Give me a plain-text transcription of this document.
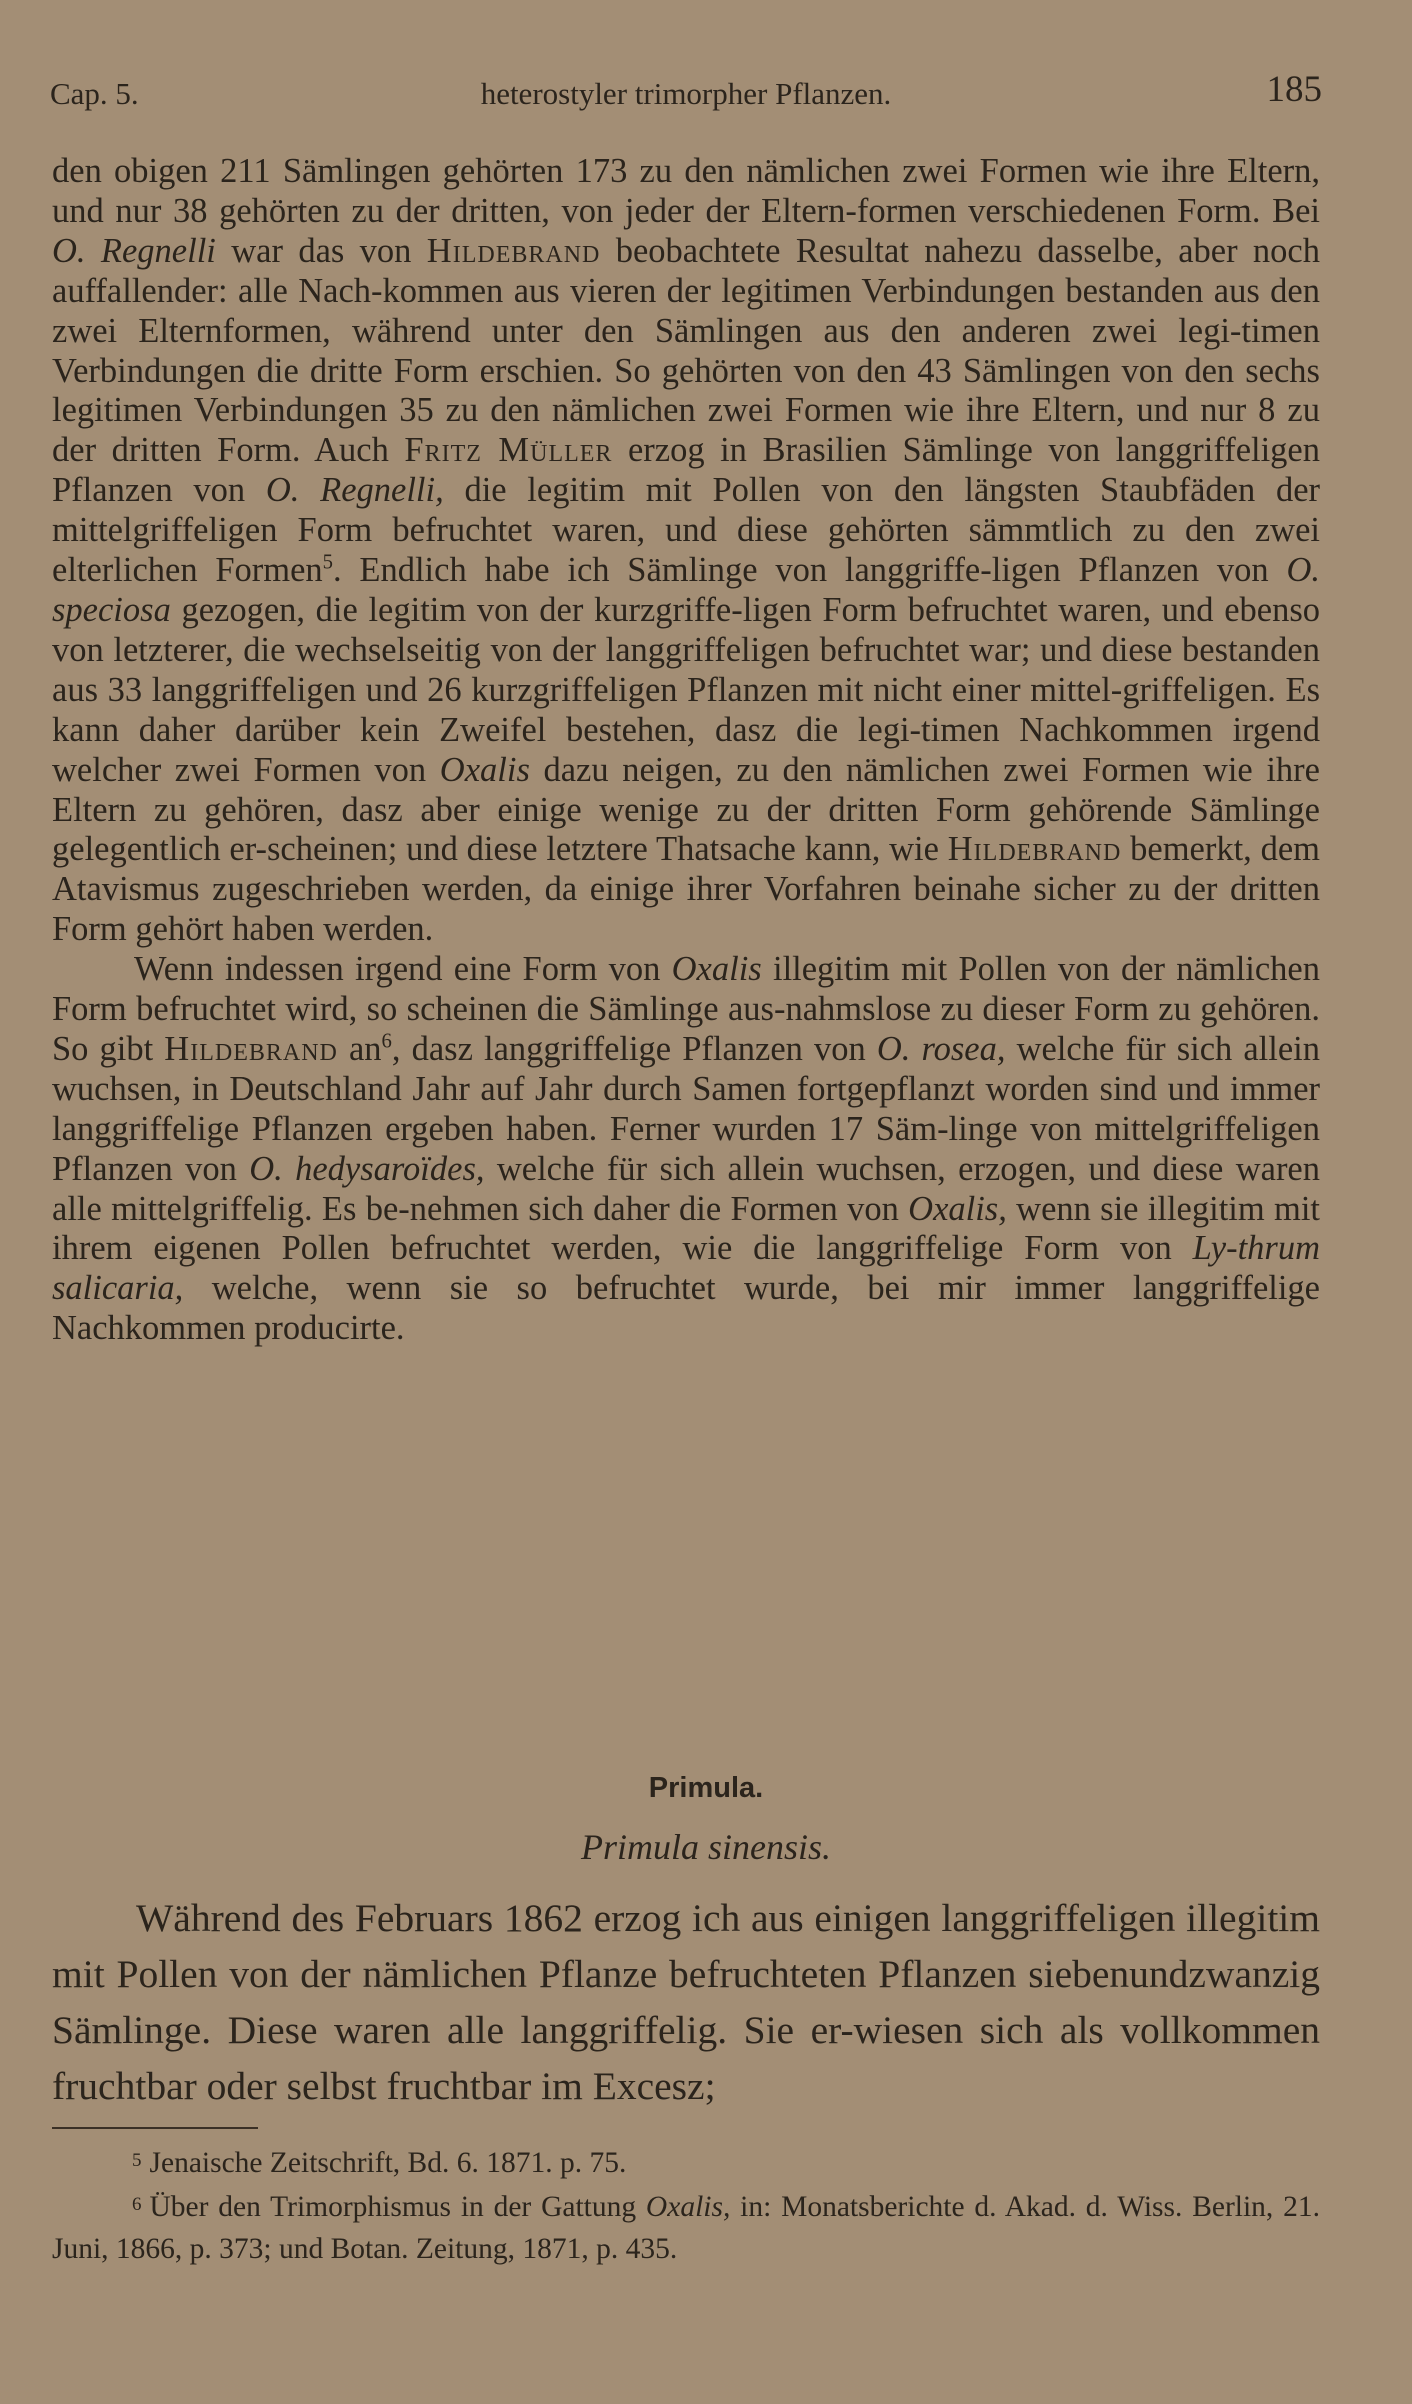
Cap. 5.	heterostyler trimorpher Pflanzen.	185

den obigen 211 Sämlingen gehörten 173 zu den nämlichen zwei Formen wie ihre Eltern, und nur 38 gehörten zu der dritten, von jeder der Eltern-formen verschiedenen Form. Bei O. Regnelli war das von Hildebrand beobachtete Resultat nahezu dasselbe, aber noch auffallender: alle Nach-kommen aus vieren der legitimen Verbindungen bestanden aus den zwei Elternformen, während unter den Sämlingen aus den anderen zwei legi-timen Verbindungen die dritte Form erschien. So gehörten von den 43 Sämlingen von den sechs legitimen Verbindungen 35 zu den nämlichen zwei Formen wie ihre Eltern, und nur 8 zu der dritten Form. Auch Fritz Müller erzog in Brasilien Sämlinge von langgriffeligen Pflanzen von O. Regnelli, die legitim mit Pollen von den längsten Staubfäden der mittelgriffeligen Form befruchtet waren, und diese gehörten sämmtlich zu den zwei elterlichen Formen$^5$. Endlich habe ich Sämlinge von langgriffe-ligen Pflanzen von O. speciosa gezogen, die legitim von der kurzgriffe-ligen Form befruchtet waren, und ebenso von letzterer, die wechselseitig von der langgriffeligen befruchtet war; und diese bestanden aus 33 langgriffeligen und 26 kurzgriffeligen Pflanzen mit nicht einer mittel-griffeligen. Es kann daher darüber kein Zweifel bestehen, dasz die legi-timen Nachkommen irgend welcher zwei Formen von Oxalis dazu neigen, zu den nämlichen zwei Formen wie ihre Eltern zu gehören, dasz aber einige wenige zu der dritten Form gehörende Sämlinge gelegentlich er-scheinen; und diese letztere Thatsache kann, wie Hildebrand bemerkt, dem Atavismus zugeschrieben werden, da einige ihrer Vorfahren beinahe sicher zu der dritten Form gehört haben werden.

Wenn indessen irgend eine Form von Oxalis illegitim mit Pollen von der nämlichen Form befruchtet wird, so scheinen die Sämlinge aus-nahmslose zu dieser Form zu gehören. So gibt Hildebrand $an^6$, dasz langgriffelige Pflanzen von O. rosea, welche für sich allein wuchsen, in Deutschland Jahr auf Jahr durch Samen fortgepflanzt worden sind und immer langgriffelige Pflanzen ergeben haben. Ferner wurden 17 Säm-linge von mittelgriffeligen Pflanzen von O. hedysaroïdes, welche für sich allein wuchsen, erzogen, und diese waren alle mittelgriffelig. Es be-nehmen sich daher die Formen von Oxalis, wenn sie illegitim mit ihrem eigenen Pollen befruchtet werden, wie die langgriffelige Form von Ly-thrum salicaria, welche, wenn sie so befruchtet wurde, bei mir immer langgriffelige Nachkommen producirte.

Primula.
Primula sinensis.

Während des Februars 1862 erzog ich aus einigen langgriffeligen illegitim mit Pollen von der nämlichen Pflanze befruchteten Pflanzen siebenundzwanzig Sämlinge. Diese waren alle langgriffelig. Sie er-wiesen sich als vollkommen fruchtbar oder selbst fruchtbar im Excesz;

$^5$ Jenaische Zeitschrift, Bd. 6. 1871. p. 75.

$^6$ Über den Trimorphismus in der Gattung Oxalis, in: Monatsberichte d. Akad. d. Wiss. Berlin, 21. Juni, 1866, p. 373; und Botan. Zeitung, 1871, p. 435.
